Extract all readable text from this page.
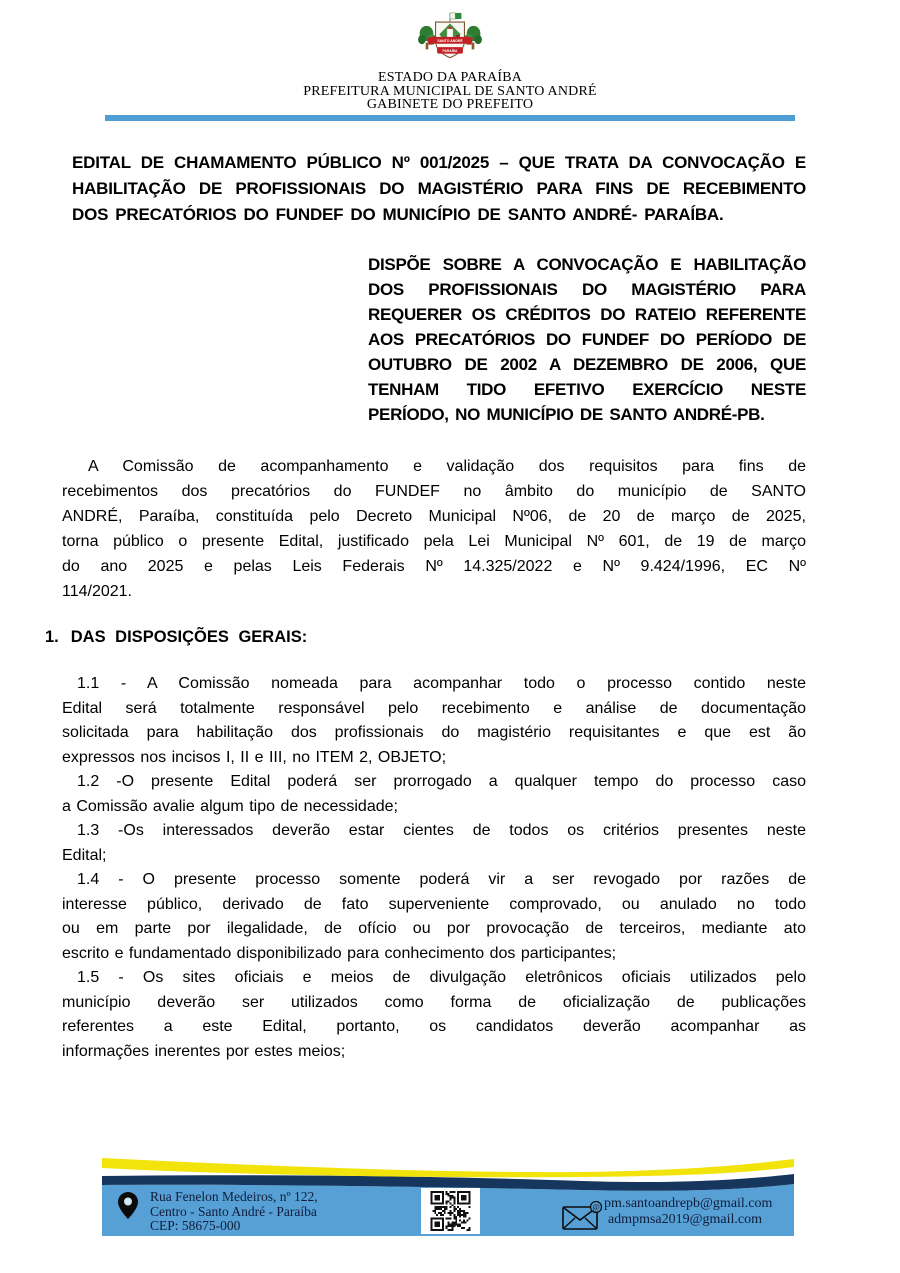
SANTO ANDRÉ
PARAÍBA
ESTADO DA PARAÍBA
PREFEITURA MUNICIPAL DE SANTO ANDRÉ
GABINETE DO PREFEITO
EDITAL DE CHAMAMENTO PÚBLICO Nº 001/2025 – QUE TRATA DA CONVOCAÇÃO E
HABILITAÇÃO DE PROFISSIONAIS DO MAGISTÉRIO PARA FINS DE RECEBIMENTO
DOS PRECATÓRIOS DO FUNDEF DO MUNICÍPIO DE SANTO ANDRÉ- PARAÍBA.
DISPÕE SOBRE A CONVOCAÇÃO E HABILITAÇÃO
DOS PROFISSIONAIS DO MAGISTÉRIO PARA
REQUERER OS CRÉDITOS DO RATEIO REFERENTE
AOS PRECATÓRIOS DO FUNDEF DO PERÍODO DE
OUTUBRO DE 2002 A DEZEMBRO DE 2006, QUE
TENHAM TIDO EFETIVO EXERCÍCIO NESTE
PERÍODO, NO MUNICÍPIO DE SANTO ANDRÉ-PB.
A Comissão de acompanhamento e validação dos requisitos para fins de
recebimentos dos precatórios do FUNDEF no âmbito do município de SANTO
ANDRÉ, Paraíba, constituída pelo Decreto Municipal Nº06, de 20 de março de 2025,
torna público o presente Edital, justificado pela Lei Municipal Nº 601, de 19 de março
do ano 2025 e pelas Leis Federais Nº 14.325/2022 e Nº 9.424/1996, EC Nº
114/2021.
1. DAS DISPOSIÇÕES GERAIS:
1.1 - A Comissão nomeada para acompanhar todo o processo contido neste
Edital será totalmente responsável pelo recebimento e análise de documentação
solicitada para habilitação dos profissionais do magistério requisitantes e que est ão
expressos nos incisos I, II e III, no ITEM 2, OBJETO;
1.2 -O presente Edital poderá ser prorrogado a qualquer tempo do processo caso
a Comissão avalie algum tipo de necessidade;
1.3 -Os interessados deverão estar cientes de todos os critérios presentes neste
Edital;
1.4 - O presente processo somente poderá vir a ser revogado por razões de
interesse público, derivado de fato superveniente comprovado, ou anulado no todo
ou em parte por ilegalidade, de ofício ou por provocação de terceiros, mediante ato
escrito e fundamentado disponibilizado para conhecimento dos participantes;
1.5 - Os sites oficiais e meios de divulgação eletrônicos oficiais utilizados pelo
município deverão ser utilizados como forma de oficialização de publicações
referentes a este Edital, portanto, os candidatos deverão acompanhar as
informações inerentes por estes meios;
Rua Fenelon Medeiros, nº 122,
Centro - Santo André - Paraíba
CEP: 58675-000
@ pm.santoandrepb@gmail.com
admpmsa2019@gmail.com
